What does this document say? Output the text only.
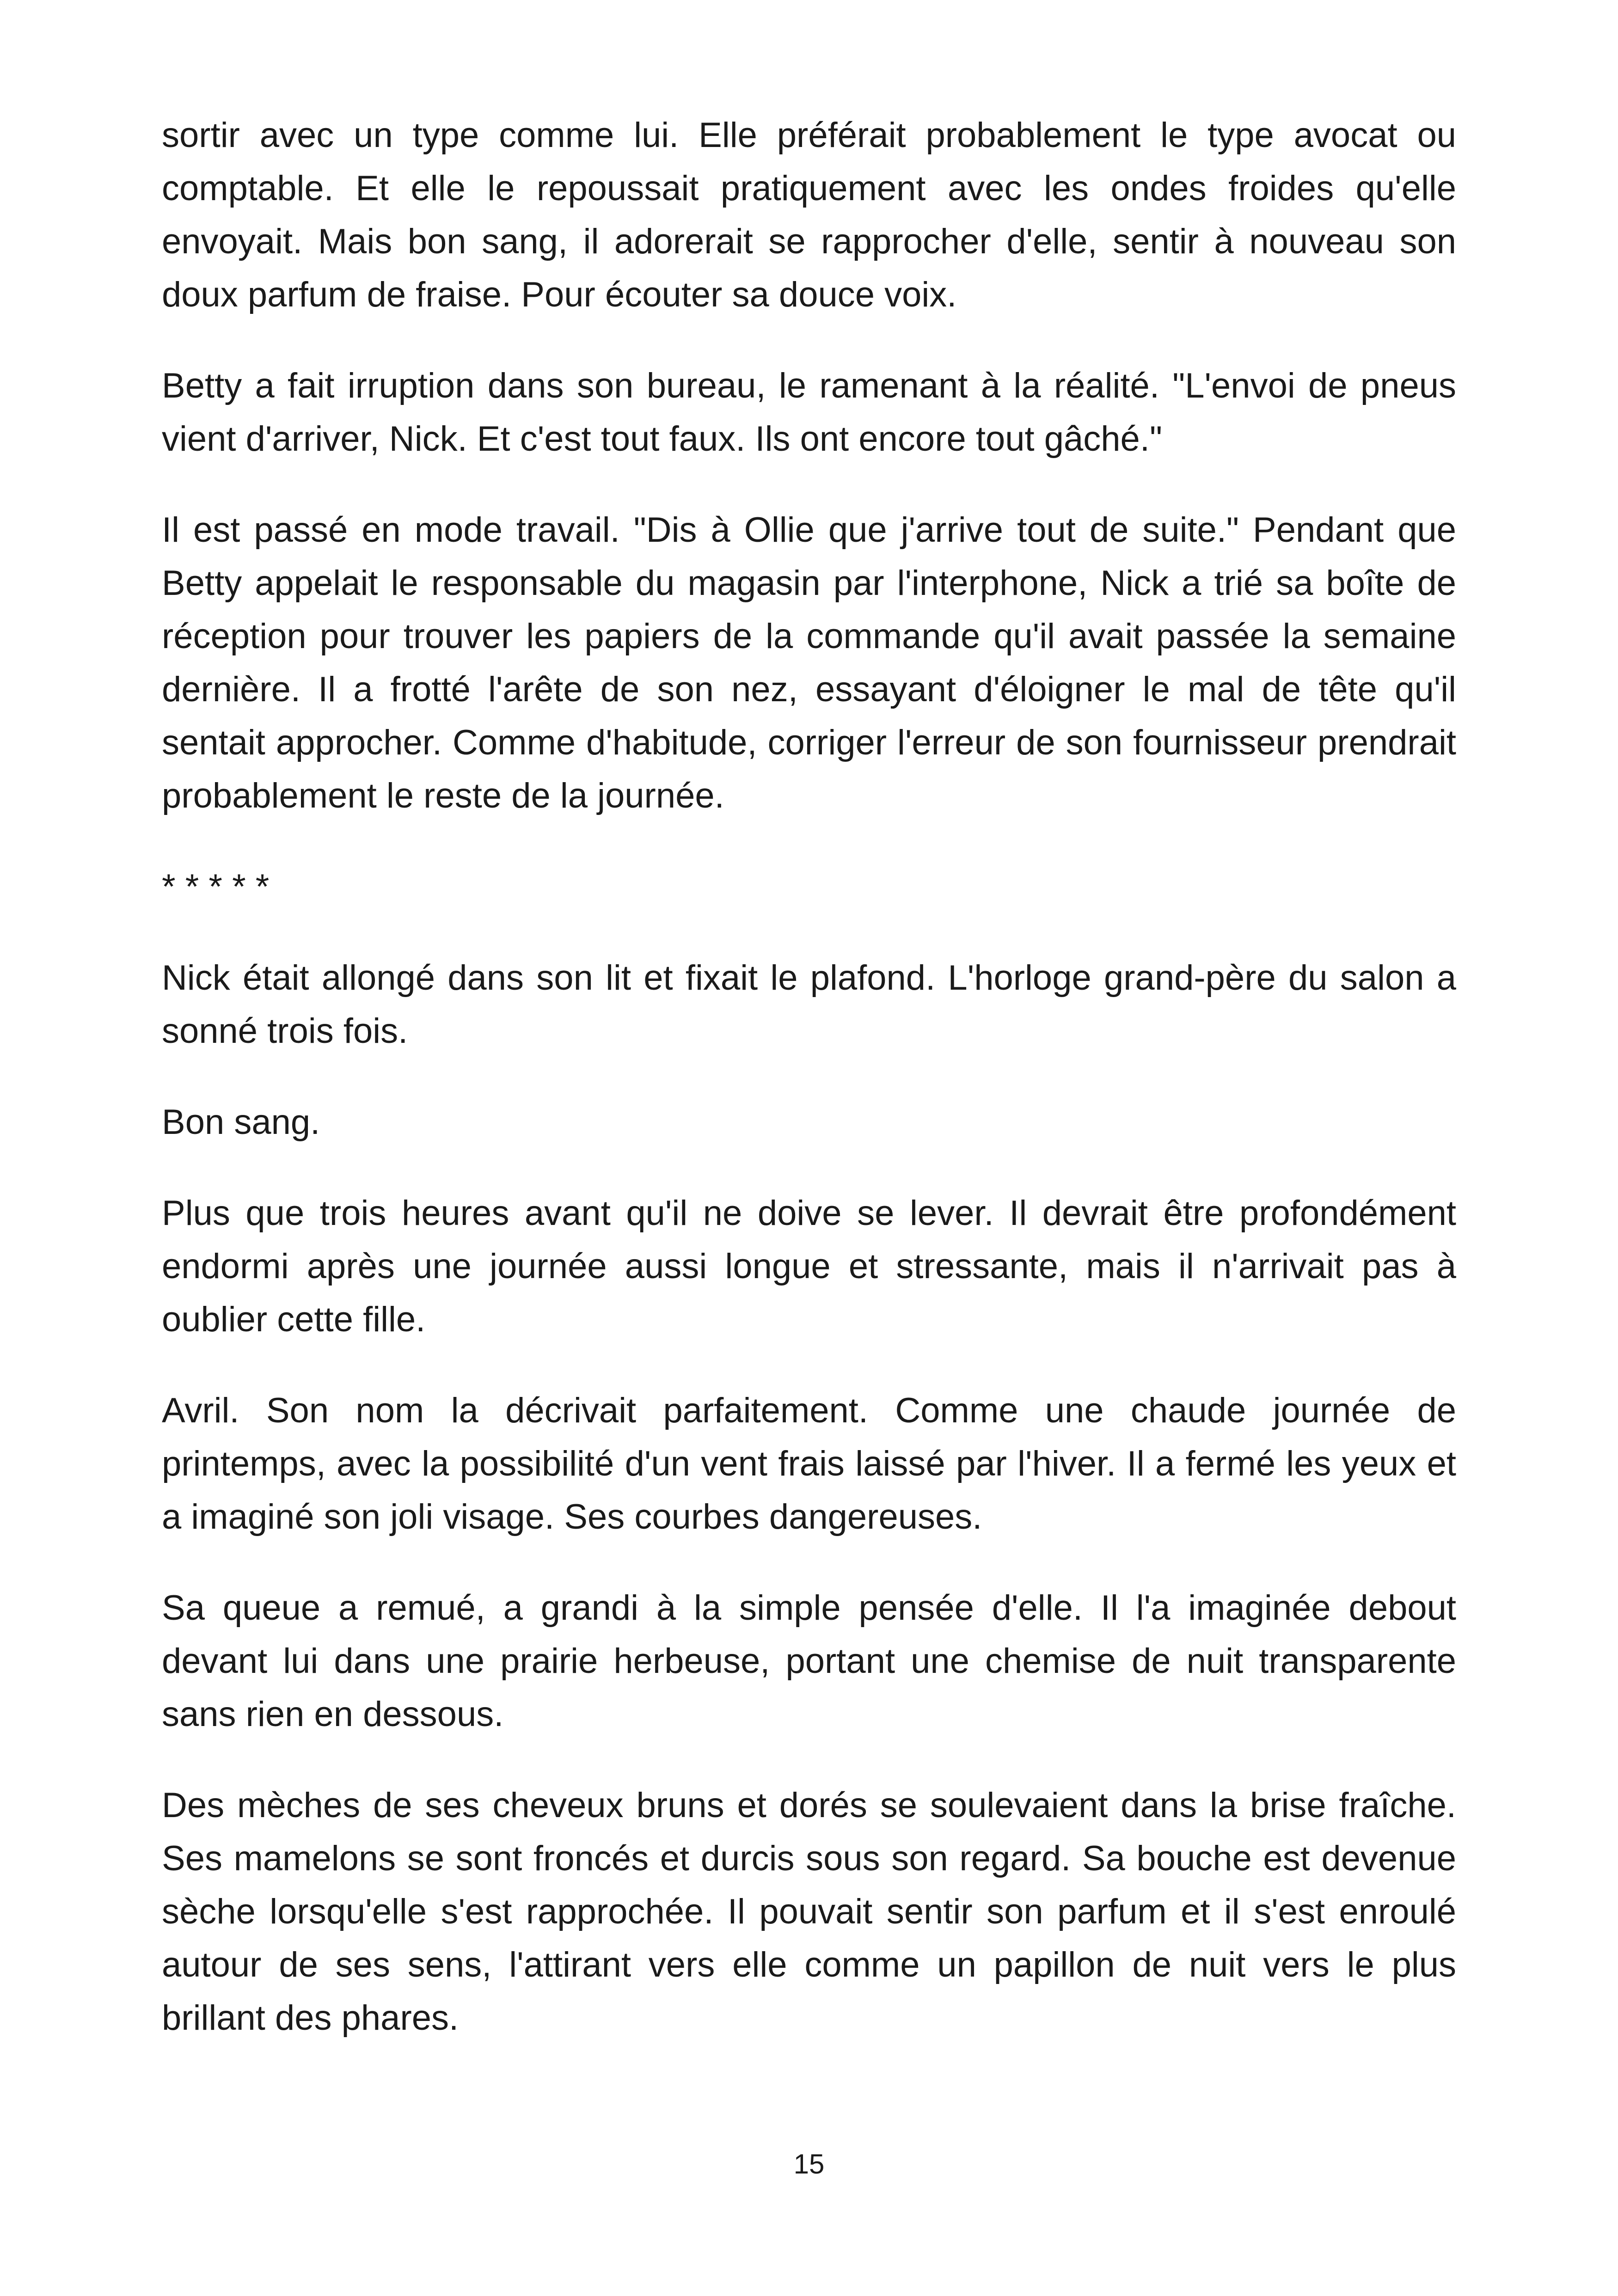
sortir avec un type comme lui. Elle préférait probablement le type avocat ou comptable. Et elle le repoussait pratiquement avec les ondes froides qu'elle envoyait. Mais bon sang, il adorerait se rapprocher d'elle, sentir à nouveau son doux parfum de fraise. Pour écouter sa douce voix.

Betty a fait irruption dans son bureau, le ramenant à la réalité. "L'envoi de pneus vient d'arriver, Nick. Et c'est tout faux. Ils ont encore tout gâché."

Il est passé en mode travail. "Dis à Ollie que j'arrive tout de suite." Pendant que Betty appelait le responsable du magasin par l'interphone, Nick a trié sa boîte de réception pour trouver les papiers de la commande qu'il avait passée la semaine dernière. Il a frotté l'arête de son nez, essayant d'éloigner le mal de tête qu'il sentait approcher. Comme d'habitude, corriger l'erreur de son fournisseur prendrait probablement le reste de la journée.

* * * * *

Nick était allongé dans son lit et fixait le plafond. L'horloge grand-père du salon a sonné trois fois.

Bon sang.

Plus que trois heures avant qu'il ne doive se lever. Il devrait être profondément endormi après une journée aussi longue et stressante, mais il n'arrivait pas à oublier cette fille.

Avril. Son nom la décrivait parfaitement. Comme une chaude journée de printemps, avec la possibilité d'un vent frais laissé par l'hiver. Il a fermé les yeux et a imaginé son joli visage. Ses courbes dangereuses.

Sa queue a remué, a grandi à la simple pensée d'elle. Il l'a imaginée debout devant lui dans une prairie herbeuse, portant une chemise de nuit transparente sans rien en dessous.

Des mèches de ses cheveux bruns et dorés se soulevaient dans la brise fraîche. Ses mamelons se sont froncés et durcis sous son regard. Sa bouche est devenue sèche lorsqu'elle s'est rapprochée. Il pouvait sentir son parfum et il s'est enroulé autour de ses sens, l'attirant vers elle comme un papillon de nuit vers le plus brillant des phares.

15
